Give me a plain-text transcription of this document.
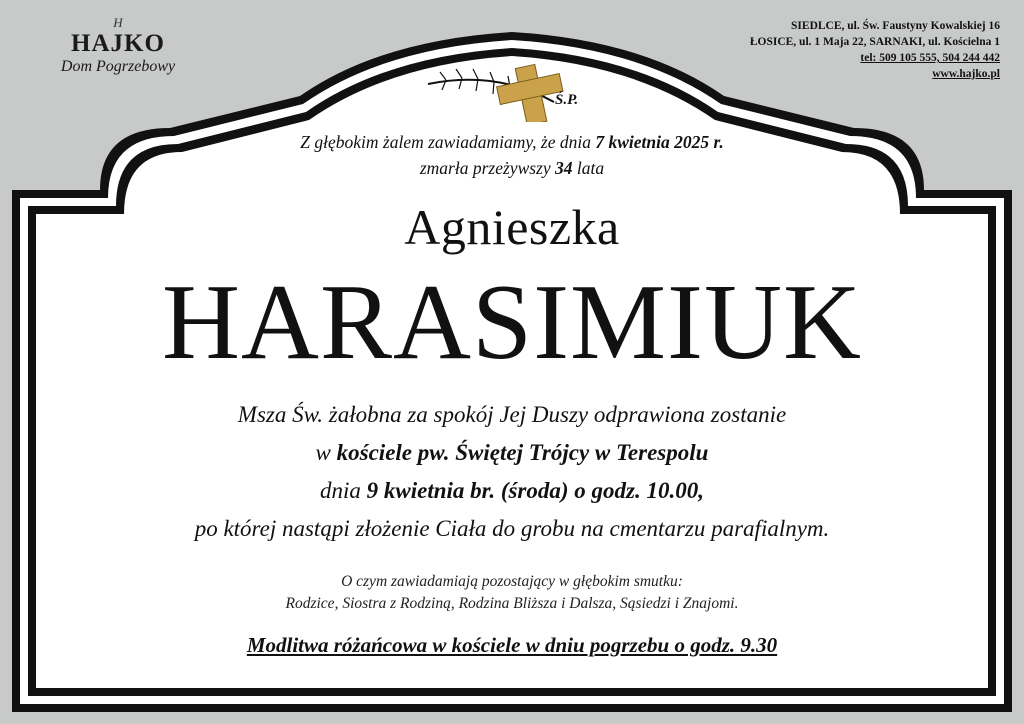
H
HAJKO
Dom Pogrzebowy
SIEDLCE, ul. Św. Faustyny Kowalskiej 16
ŁOSICE, ul. 1 Maja 22, SARNAKI, ul. Kościelna 1
tel: 509 105 555, 504 244 442
www.hajko.pl
Ś.P.
Z głębokim żalem zawiadamiamy, że dnia 7 kwietnia 2025 r.
zmarła przeżywszy 34 lata
Agnieszka
HARASIMIUK
Msza Św. żałobna za spokój Jej Duszy odprawiona zostanie
w kościele pw. Świętej Trójcy w Terespolu
dnia 9 kwietnia br. (środa) o godz. 10.00,
po której nastąpi złożenie Ciała do grobu na cmentarzu parafialnym.
O czym zawiadamiają pozostający w głębokim smutku:
Rodzice, Siostra z Rodziną, Rodzina Bliższa i Dalsza, Sąsiedzi i Znajomi.
Modlitwa różańcowa w kościele w dniu pogrzebu o godz. 9.30
